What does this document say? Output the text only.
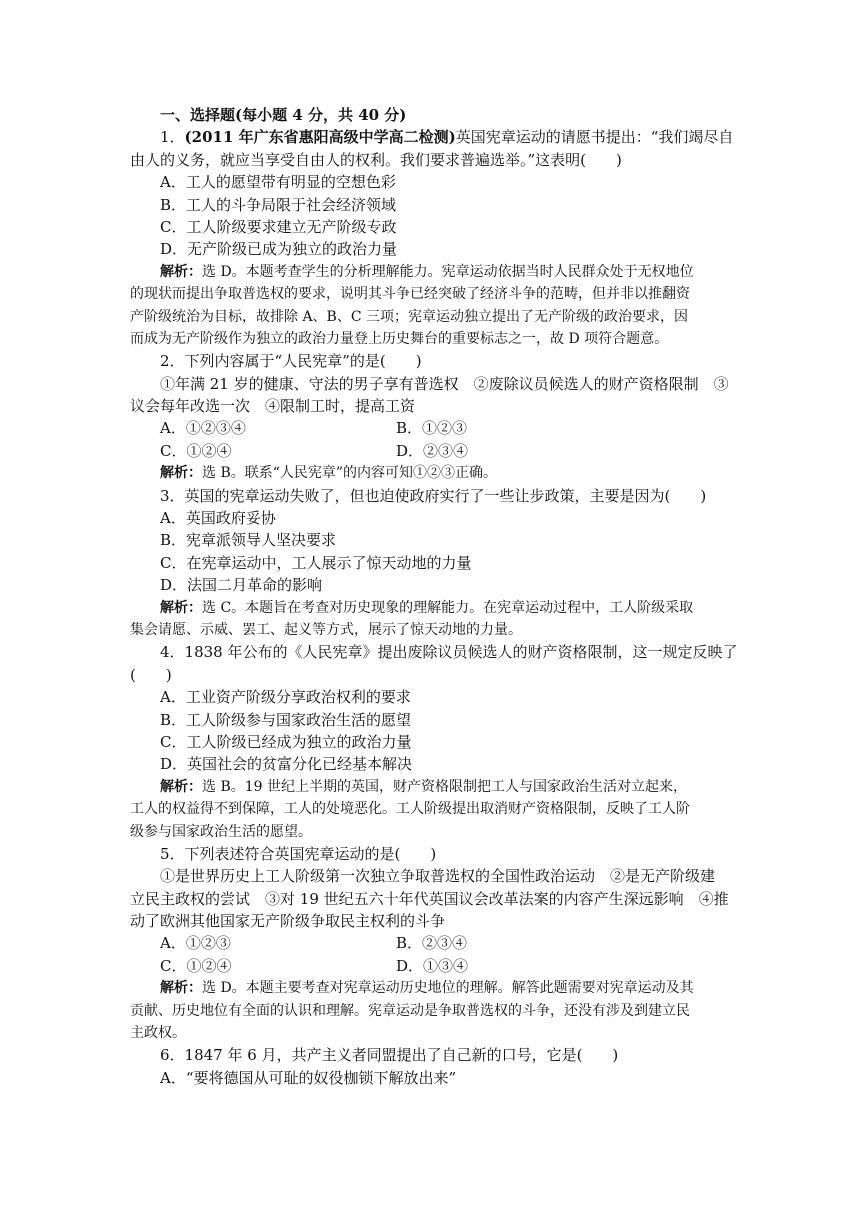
一、选择题(每小题 4 分，共 40 分)
1．(2011 年广东省惠阳高级中学高二检测)英国宪章运动的请愿书提出：“我们竭尽自
由人的义务，就应当享受自由人的权利。我们要求普遍选举。”这表明(　　)
A．工人的愿望带有明显的空想色彩
B．工人的斗争局限于社会经济领域
C．工人阶级要求建立无产阶级专政
D．无产阶级已成为独立的政治力量
解析：选 D。本题考查学生的分析理解能力。宪章运动依据当时人民群众处于无权地位
的现状而提出争取普选权的要求，说明其斗争已经突破了经济斗争的范畴，但并非以推翻资
产阶级统治为目标，故排除 A、B、C 三项；宪章运动独立提出了无产阶级的政治要求，因
而成为无产阶级作为独立的政治力量登上历史舞台的重要标志之一，故 D 项符合题意。
2．下列内容属于“人民宪章”的是(　　)
①年满 21 岁的健康、守法的男子享有普选权　②废除议员候选人的财产资格限制　③
议会每年改选一次　④限制工时，提高工资
A．①②③④	B．①②③
C．①②④	D．②③④
解析：选 B。联系“人民宪章”的内容可知①②③正确。
3．英国的宪章运动失败了，但也迫使政府实行了一些让步政策，主要是因为(　　)
A．英国政府妥协
B．宪章派领导人坚决要求
C．在宪章运动中，工人展示了惊天动地的力量
D．法国二月革命的影响
解析：选 C。本题旨在考查对历史现象的理解能力。在宪章运动过程中，工人阶级采取
集会请愿、示威、罢工、起义等方式，展示了惊天动地的力量。
4．1838 年公布的《人民宪章》提出废除议员候选人的财产资格限制，这一规定反映了
(　　)
A．工业资产阶级分享政治权利的要求
B．工人阶级参与国家政治生活的愿望
C．工人阶级已经成为独立的政治力量
D．英国社会的贫富分化已经基本解决
解析：选 B。19 世纪上半期的英国，财产资格限制把工人与国家政治生活对立起来，
工人的权益得不到保障，工人的处境恶化。工人阶级提出取消财产资格限制，反映了工人阶
级参与国家政治生活的愿望。
5．下列表述符合英国宪章运动的是(　　)
①是世界历史上工人阶级第一次独立争取普选权的全国性政治运动　②是无产阶级建
立民主政权的尝试　③对 19 世纪五六十年代英国议会改革法案的内容产生深远影响　④推
动了欧洲其他国家无产阶级争取民主权利的斗争
A．①②③	B．②③④
C．①②④	D．①③④
解析：选 D。本题主要考查对宪章运动历史地位的理解。解答此题需要对宪章运动及其
贡献、历史地位有全面的认识和理解。宪章运动是争取普选权的斗争，还没有涉及到建立民
主政权。
6．1847 年 6 月，共产主义者同盟提出了自己新的口号，它是(　　)
A．“要将德国从可耻的奴役枷锁下解放出来”
